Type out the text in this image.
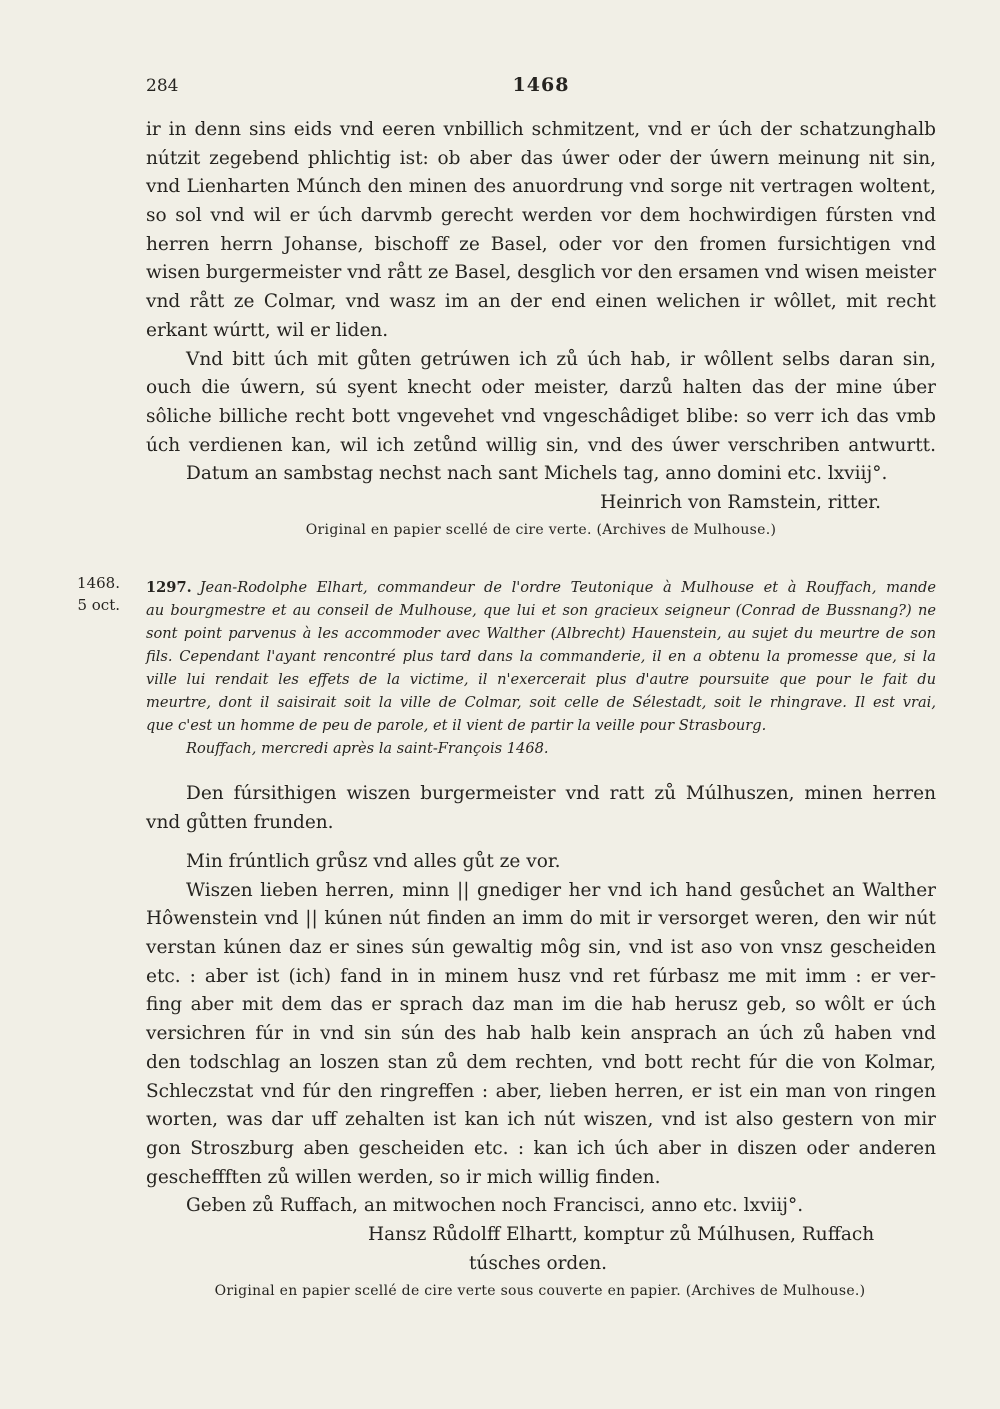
284	1468
ir in denn sins eids vnd eeren vnbillich schmitzent, vnd er úch der schatzunghalb
nútzit zegebend phlichtig ist: ob aber das úwer oder der úwern meinung nit sin,
vnd Lienharten Múnch den minen des anuordrung vnd sorge nit vertragen woltent,
so sol vnd wil er úch darvmb gerecht werden vor dem hochwirdigen fúrsten vnd
herren herrn Johanse, bischoff ze Basel, oder vor den fromen fursichtigen vnd
wisen burgermeister vnd rått ze Basel, desglich vor den ersamen vnd wisen meister
vnd rått ze Colmar, vnd wasz im an der end einen welichen ir wôllet, mit recht
erkant wúrtt, wil er liden.
Vnd bitt úch mit gůten getrúwen ich zů úch hab, ir wôllent selbs daran sin,
ouch die úwern, sú syent knecht oder meister, darzů halten das der mine úber
sôliche billiche recht bott vngevehet vnd vngeschâdiget blibe: so verr ich das vmb
úch verdienen kan, wil ich zetůnd willig sin, vnd des úwer verschriben antwurtt.
Datum an sambstag nechst nach sant Michels tag, anno domini etc. lxviij°.
Heinrich von Ramstein, ritter.
Original en papier scellé de cire verte. (Archives de Mulhouse.)
1468.
5 oct.
1297. Jean-Rodolphe Elhart, commandeur de l'ordre Teutonique à Mulhouse et à Rouffach, mande
au bourgmestre et au conseil de Mulhouse, que lui et son gracieux seigneur (Conrad de Bussnang?) ne
sont point parvenus à les accommoder avec Walther (Albrecht) Hauenstein, au sujet du meurtre de son
fils. Cependant l'ayant rencontré plus tard dans la commanderie, il en a obtenu la promesse que, si la
ville lui rendait les effets de la victime, il n'exercerait plus d'autre poursuite que pour le fait du
meurtre, dont il saisirait soit la ville de Colmar, soit celle de Sélestadt, soit le rhingrave. Il est vrai,
que c'est un homme de peu de parole, et il vient de partir la veille pour Strasbourg.
Rouffach, mercredi après la saint-François 1468.
Den fúrsithigen wiszen burgermeister vnd ratt zů Múlhuszen, minen herren
vnd gůtten frunden.
Min frúntlich grůsz vnd alles gůt ze vor.
Wiszen lieben herren, minn || gnediger her vnd ich hand gesůchet an Walther
Hôwenstein vnd || kúnen nút finden an imm do mit ir versorget weren, den wir nút
verstan kúnen daz er sines sún gewaltig môg sin, vnd ist aso von vnsz gescheiden
etc. : aber ist (ich) fand in in minem husz vnd ret fúrbasz me mit imm : er ver-
fing aber mit dem das er sprach daz man im die hab herusz geb, so wôlt er úch
versichren fúr in vnd sin sún des hab halb kein ansprach an úch zů haben vnd
den todschlag an loszen stan zů dem rechten, vnd bott recht fúr die von Kolmar,
Schleczstat vnd fúr den ringreffen : aber, lieben herren, er ist ein man von ringen
worten, was dar uff zehalten ist kan ich nút wiszen, vnd ist also gestern von mir
gon Stroszburg aben gescheiden etc. : kan ich úch aber in diszen oder anderen
gescheffften zů willen werden, so ir mich willig finden.
Geben zů Ruffach, an mitwochen noch Francisci, anno etc. lxviij°.
Hansz Růdolff Elhartt, komptur zů Múlhusen, Ruffach
túsches orden.
Original en papier scellé de cire verte sous couverte en papier. (Archives de Mulhouse.)
